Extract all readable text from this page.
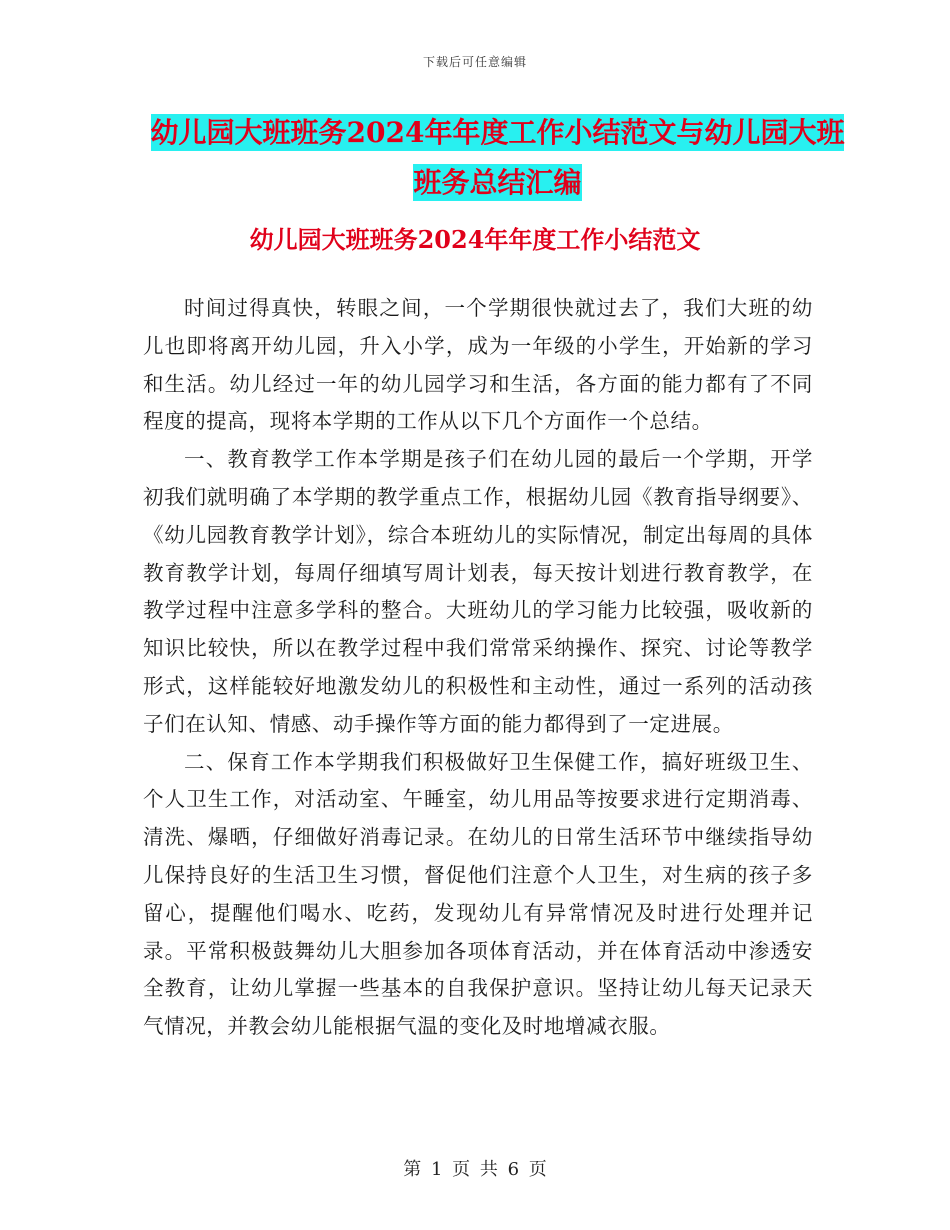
下载后可任意编辑
幼儿园大班班务2024年年度工作小结范文与幼儿园大班班务总结汇编
幼儿园大班班务2024年年度工作小结范文

时间过得真快，转眼之间，一个学期很快就过去了，我们大班的幼儿也即将离开幼儿园，升入小学，成为一年级的小学生，开始新的学习和生活。幼儿经过一年的幼儿园学习和生活，各方面的能力都有了不同程度的提高，现将本学期的工作从以下几个方面作一个总结。

一、教育教学工作本学期是孩子们在幼儿园的最后一个学期，开学初我们就明确了本学期的教学重点工作，根据幼儿园《教育指导纲要》、《幼儿园教育教学计划》，综合本班幼儿的实际情况，制定出每周的具体教育教学计划，每周仔细填写周计划表，每天按计划进行教育教学，在教学过程中注意多学科的整合。大班幼儿的学习能力比较强，吸收新的知识比较快，所以在教学过程中我们常常采纳操作、探究、讨论等教学形式，这样能较好地激发幼儿的积极性和主动性，通过一系列的活动孩子们在认知、情感、动手操作等方面的能力都得到了一定进展。

二、保育工作本学期我们积极做好卫生保健工作，搞好班级卫生、个人卫生工作，对活动室、午睡室，幼儿用品等按要求进行定期消毒、清洗、爆晒，仔细做好消毒记录。在幼儿的日常生活环节中继续指导幼儿保持良好的生活卫生习惯，督促他们注意个人卫生，对生病的孩子多留心，提醒他们喝水、吃药，发现幼儿有异常情况及时进行处理并记录。平常积极鼓舞幼儿大胆参加各项体育活动，并在体育活动中渗透安全教育，让幼儿掌握一些基本的自我保护意识。坚持让幼儿每天记录天气情况，并教会幼儿能根据气温的变化及时地增减衣服。

第 1 页 共 6 页
